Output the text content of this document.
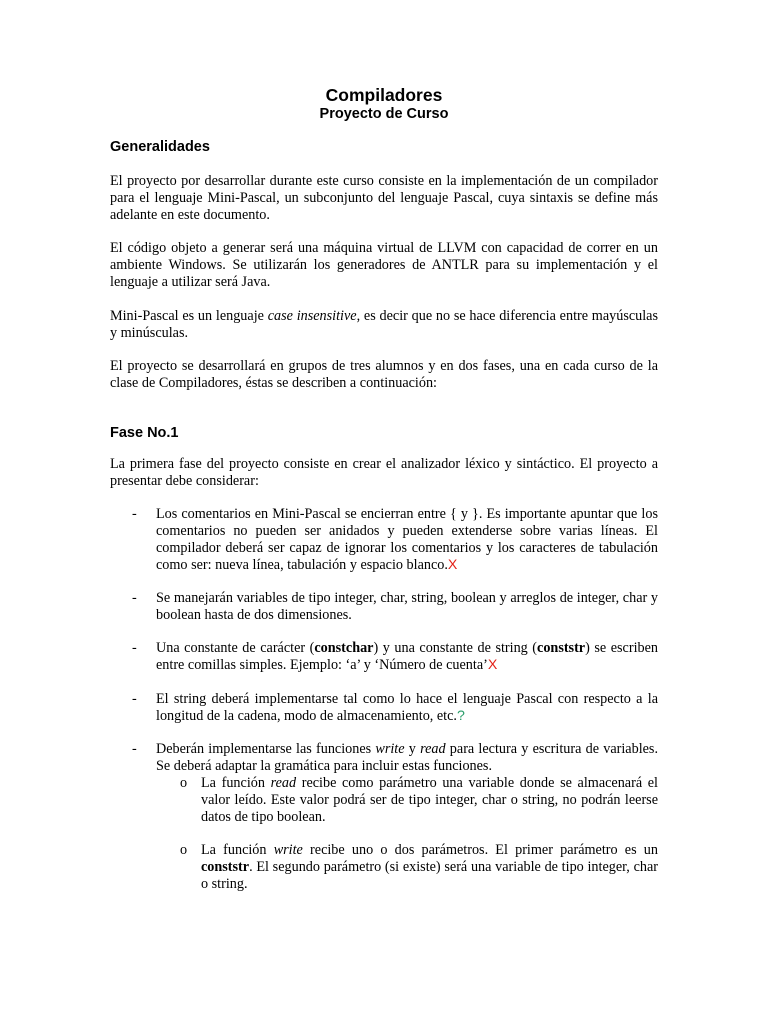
Compiladores
Proyecto de Curso
Generalidades
El proyecto por desarrollar durante este curso consiste en la implementación de un compilador para el lenguaje Mini-Pascal, un subconjunto del lenguaje Pascal, cuya sintaxis se define más adelante en este documento.
El código objeto a generar será una máquina virtual de LLVM con capacidad de correr en un ambiente Windows. Se utilizarán los generadores de ANTLR para su implementación y el lenguaje a utilizar será Java.
Mini-Pascal es un lenguaje case insensitive, es decir que no se hace diferencia entre mayúsculas y minúsculas.
El proyecto se desarrollará en grupos de tres alumnos y en dos fases, una en cada curso de la clase de Compiladores, éstas se describen a continuación:
Fase No.1
La primera fase del proyecto consiste en crear el analizador léxico y sintáctico. El proyecto a presentar debe considerar:
- Los comentarios en Mini-Pascal se encierran entre { y }. Es importante apuntar que los comentarios no pueden ser anidados y pueden extenderse sobre varias líneas. El compilador deberá ser capaz de ignorar los comentarios y los caracteres de tabulación como ser: nueva línea, tabulación y espacio blanco.X
- Se manejarán variables de tipo integer, char, string, boolean y arreglos de integer, char y boolean hasta de dos dimensiones.
- Una constante de carácter (constchar) y una constante de string (conststr) se escriben entre comillas simples. Ejemplo: ‘a’ y ‘Número de cuenta’X
- El string deberá implementarse tal como lo hace el lenguaje Pascal con respecto a la longitud de la cadena, modo de almacenamiento, etc.?
- Deberán implementarse las funciones write y read para lectura y escritura de variables. Se deberá adaptar la gramática para incluir estas funciones.
o La función read recibe como parámetro una variable donde se almacenará el valor leído. Este valor podrá ser de tipo integer, char o string, no podrán leerse datos de tipo boolean.
o La función write recibe uno o dos parámetros. El primer parámetro es un conststr. El segundo parámetro (si existe) será una variable de tipo integer, char o string.
